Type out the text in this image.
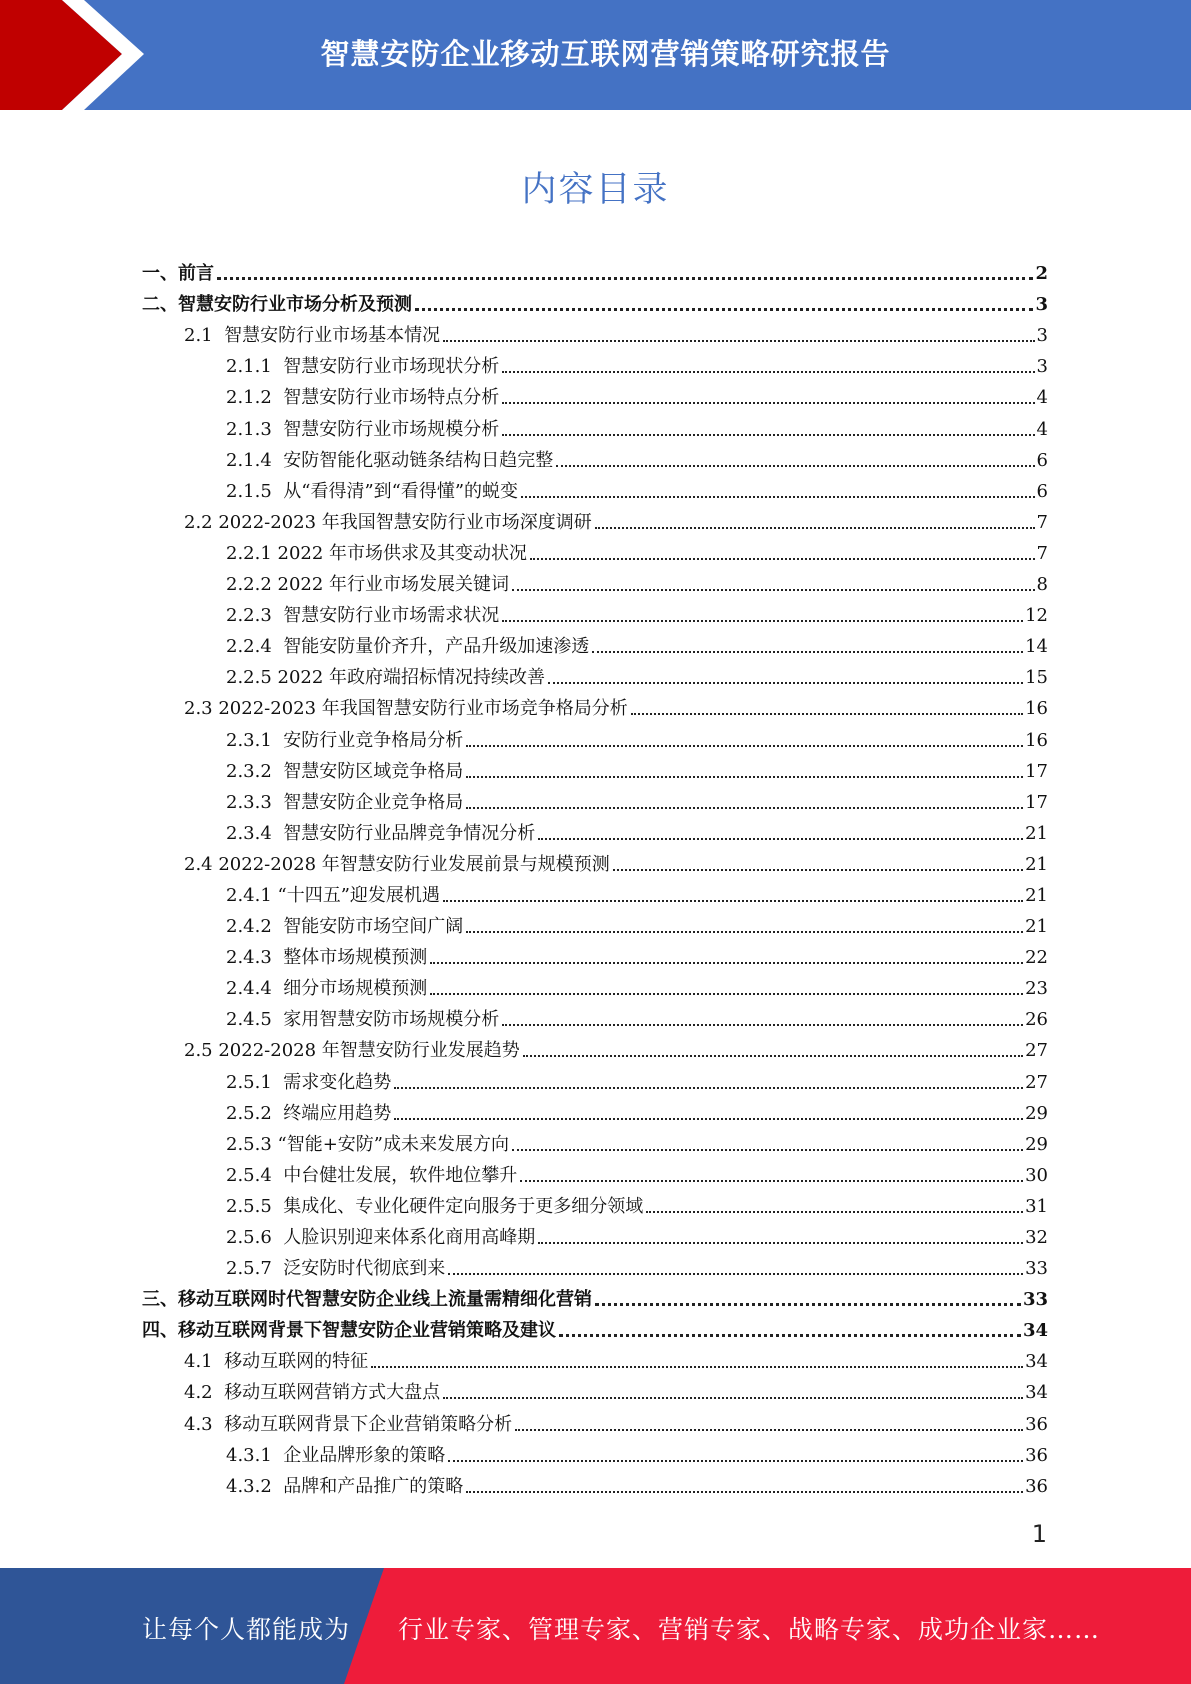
智慧安防企业移动互联网营销策略研究报告
内容目录
一、前言	2
二、智慧安防行业市场分析及预测	3
2.1  智慧安防行业市场基本情况	3
2.1.1  智慧安防行业市场现状分析	3
2.1.2  智慧安防行业市场特点分析	4
2.1.3  智慧安防行业市场规模分析	4
2.1.4  安防智能化驱动链条结构日趋完整	6
2.1.5  从“看得清”到“看得懂”的蜕变	6
2.2 2022-2023 年我国智慧安防行业市场深度调研	7
2.2.1 2022 年市场供求及其变动状况	7
2.2.2 2022 年行业市场发展关键词	8
2.2.3  智慧安防行业市场需求状况	12
2.2.4  智能安防量价齐升，产品升级加速渗透	14
2.2.5 2022 年政府端招标情况持续改善	15
2.3 2022-2023 年我国智慧安防行业市场竞争格局分析	16
2.3.1  安防行业竞争格局分析	16
2.3.2  智慧安防区域竞争格局	17
2.3.3  智慧安防企业竞争格局	17
2.3.4  智慧安防行业品牌竞争情况分析	21
2.4 2022-2028 年智慧安防行业发展前景与规模预测	21
2.4.1 “十四五”迎发展机遇	21
2.4.2  智能安防市场空间广阔	21
2.4.3  整体市场规模预测	22
2.4.4  细分市场规模预测	23
2.4.5  家用智慧安防市场规模分析	26
2.5 2022-2028 年智慧安防行业发展趋势	27
2.5.1  需求变化趋势	27
2.5.2  终端应用趋势	29
2.5.3 “智能+安防”成未来发展方向	29
2.5.4  中台健壮发展，软件地位攀升	30
2.5.5  集成化、专业化硬件定向服务于更多细分领域	31
2.5.6  人脸识别迎来体系化商用高峰期	32
2.5.7  泛安防时代彻底到来	33
三、移动互联网时代智慧安防企业线上流量需精细化营销	33
四、移动互联网背景下智慧安防企业营销策略及建议	34
4.1  移动互联网的特征	34
4.2  移动互联网营销方式大盘点	34
4.3  移动互联网背景下企业营销策略分析	36
4.3.1  企业品牌形象的策略	36
4.3.2  品牌和产品推广的策略	36
1
让每个人都能成为 行业专家、管理专家、营销专家、战略专家、成功企业家……
